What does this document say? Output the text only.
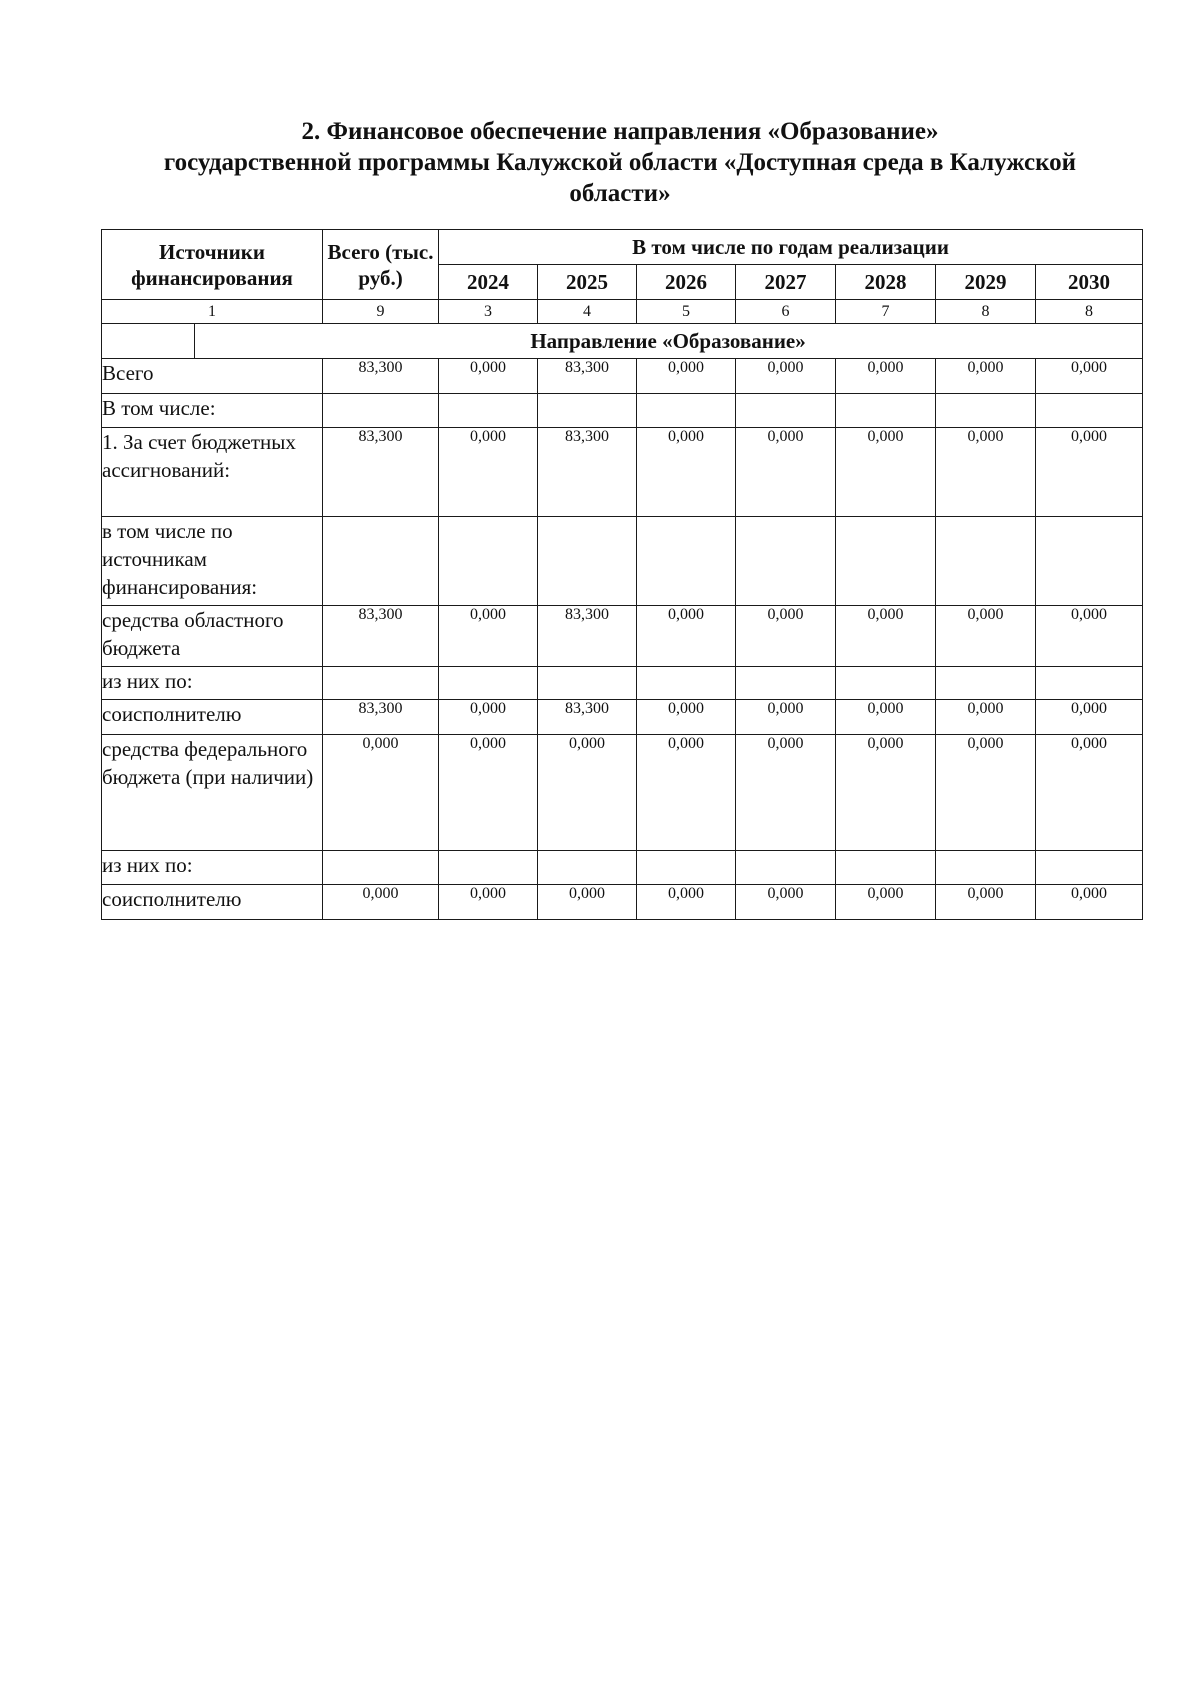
2. Финансовое обеспечение направления «Образование»
государственной программы Калужской области «Доступная среда в Калужской
области»
Источники финансирования	Всего (тыс. руб.)	В том числе по годам реализации						
		2024	2025	2026	2027	2028	2029	2030
1	9	3	4	5	6	7	8	8

Направление «Образование»								

Всего	83,300	0,000	83,300	0,000	0,000	0,000	0,000	0,000
В том числе:								
1. За счет бюджетных ассигнований:	83,300	0,000	83,300	0,000	0,000	0,000	0,000	0,000
в том числе по источникам финансирования:								
средства областного бюджета	83,300	0,000	83,300	0,000	0,000	0,000	0,000	0,000
из них по:								
соисполнителю	83,300	0,000	83,300	0,000	0,000	0,000	0,000	0,000
средства федерального бюджета (при наличии)	0,000	0,000	0,000	0,000	0,000	0,000	0,000	0,000
из них по:								
соисполнителю	0,000	0,000	0,000	0,000	0,000	0,000	0,000	0,000
